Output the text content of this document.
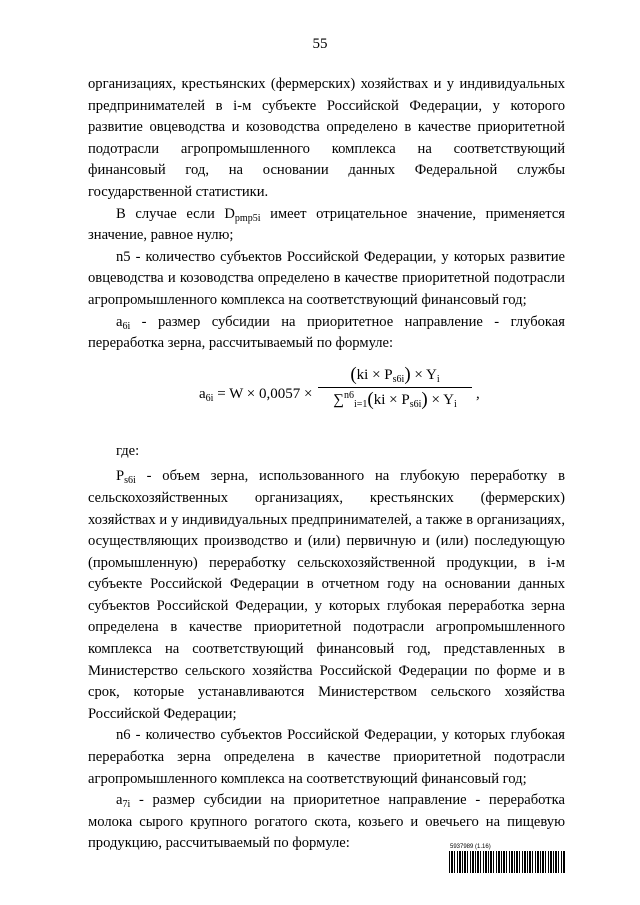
55

организациях, крестьянских (фермерских) хозяйствах и у индивидуальных предпринимателей в i-м субъекте Российской Федерации, у которого развитие овцеводства и козоводства определено в качестве приоритетной подотрасли агропромышленного комплекса на соответствующий финансовый год, на основании данных Федеральной службы государственной статистики.

В случае если $D_{pmp5i}$ имеет отрицательное значение, применяется значение, равное нулю;

n5 - количество субъектов Российской Федерации, у которых развитие овцеводства и козоводства определено в качестве приоритетной подотрасли агропромышленного комплекса на соответствующий финансовый год;

$a_{6i}$ - размер субсидии на приоритетное направление - глубокая переработка зерна, рассчитываемый по формуле:

$a_{6i} = W \times 0,0057$ ×
$(ki \times P_{s6i}) \times Y_i$
$\sum^{n6}_{i=1}(ki \times P_{s6i}) \times Y_i$
,

где:

$P_{s6i}$ - объем зерна, использованного на глубокую переработку в сельскохозяйственных организациях, крестьянских (фермерских) хозяйствах и у индивидуальных предпринимателей, а также в организациях, осуществляющих производство и (или) первичную и (или) последующую (промышленную) переработку сельскохозяйственной продукции, в i-м субъекте Российской Федерации в отчетном году на основании данных субъектов Российской Федерации, у которых глубокая переработка зерна определена в качестве приоритетной подотрасли агропромышленного комплекса на соответствующий финансовый год, представленных в Министерство сельского хозяйства Российской Федерации по форме и в срок, которые устанавливаются Министерством сельского хозяйства Российской Федерации;

n6 - количество субъектов Российской Федерации, у которых глубокая переработка зерна определена в качестве приоритетной подотрасли агропромышленного комплекса на соответствующий финансовый год;

$a_{7i}$ - размер субсидии на приоритетное направление - переработка молока сырого крупного рогатого скота, козьего и овечьего на пищевую продукцию, рассчитываемый по формуле:	5937989 (1.16)
